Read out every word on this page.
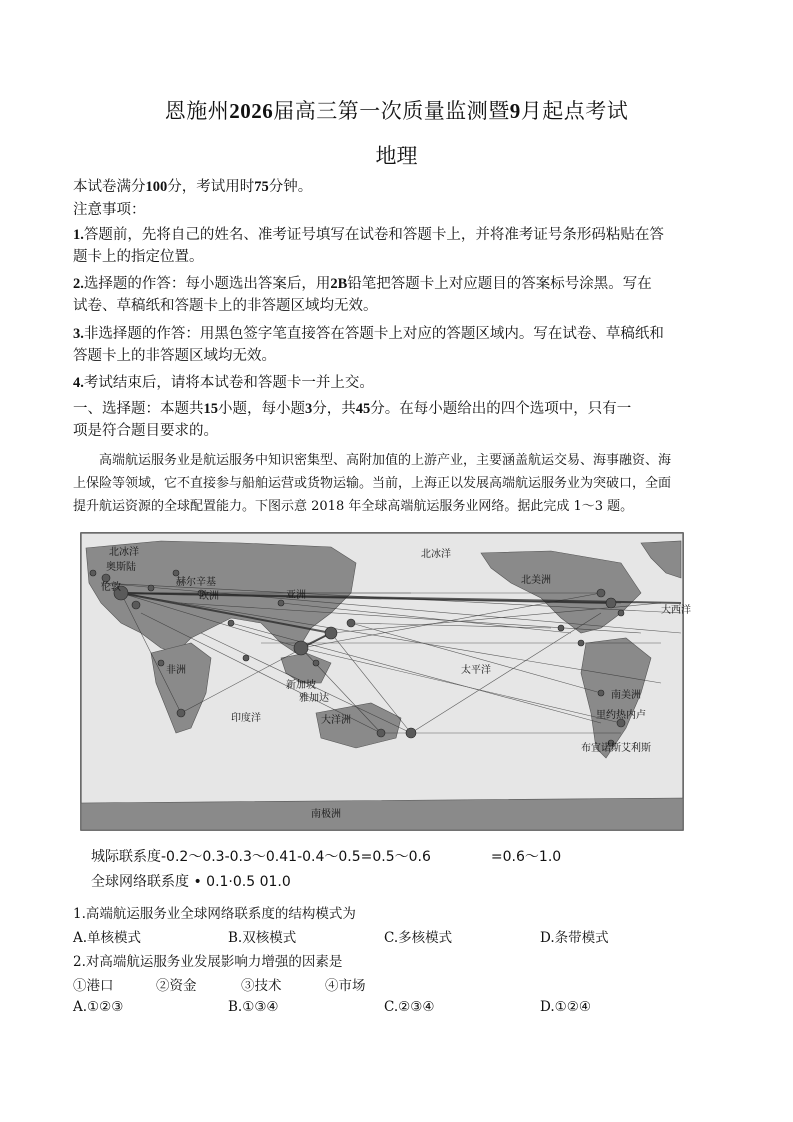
恩施州2026届高三第一次质量监测暨9月起点考试
地理
本试卷满分100分，考试用时75分钟。
注意事项：
1.答题前，先将自己的姓名、准考证号填写在试卷和答题卡上，并将准考证号条形码粘贴在答
题卡上的指定位置。
2.选择题的作答：每小题选出答案后，用2B铅笔把答题卡上对应题目的答案标号涂黑。写在
试卷、草稿纸和答题卡上的非答题区域均无效。
3.非选择题的作答：用黑色签字笔直接答在答题卡上对应的答题区域内。写在试卷、草稿纸和
答题卡上的非答题区域均无效。
4.考试结束后，请将本试卷和答题卡一并上交。
一、选择题：本题共15小题，每小题3分，共45分。在每小题给出的四个选项中，只有一
项是符合题目要求的。
高端航运服务业是航运服务中知识密集型、高附加值的上游产业，主要涵盖航运交易、海事融资、海
上保险等领域，它不直接参与船舶运营或货物运输。当前，上海正以发展高端航运服务业为突破口，全面
提升航运资源的全球配置能力。下图示意 2018 年全球高端航运服务业网络。据此完成 1～3 题。
北冰洋
奥斯陆
赫尔辛基
伦敦
欧洲	亚洲
北冰洋
北美洲
大西洋
新加坡
雅加达
太平洋
印度洋	大洋洲
南美洲
里约热内卢
布宜诺斯艾利斯
南极洲
非洲
城际联系度-0.2～0.3-0.3～0.41-0.4～0.5=0.5～0.6	=0.6～1.0
全球网络联系度 • 0.1·0.5 01.0
1.高端航运服务业全球网络联系度的结构模式为
A.单核模式	B.双核模式	C.多核模式	D.条带模式
2.对高端航运服务业发展影响力增强的因素是
①港口	②资金	③技术	④市场
A.①②③	B.①③④	C.②③④	D.①②④
